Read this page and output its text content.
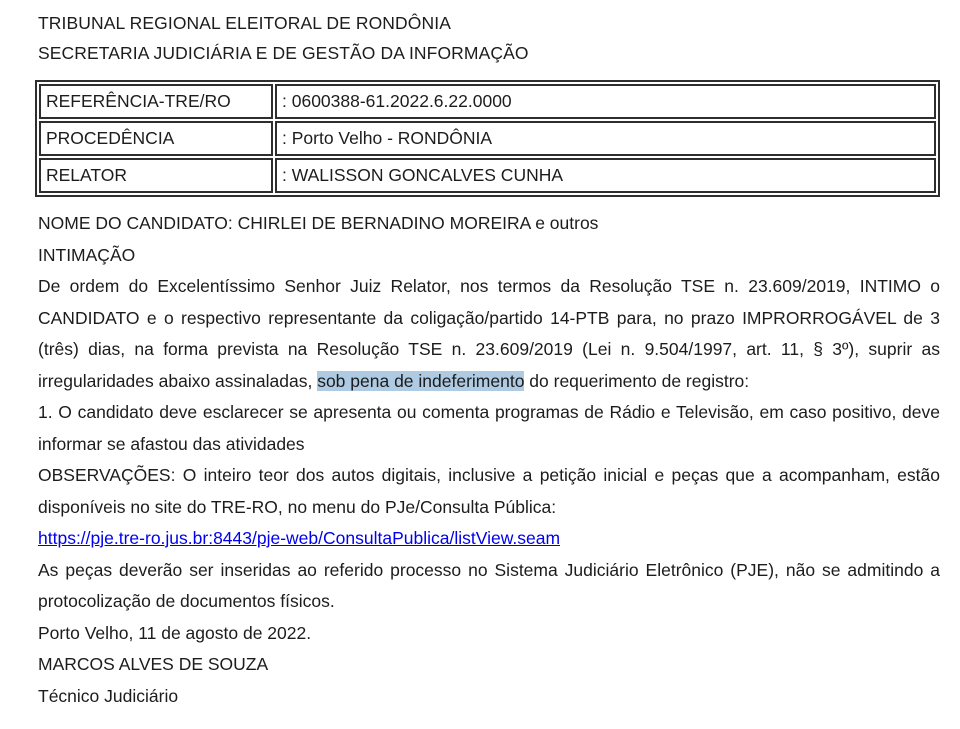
TRIBUNAL REGIONAL ELEITORAL DE RONDÔNIA
SECRETARIA JUDICIÁRIA E DE GESTÃO DA INFORMAÇÃO
REFERÊNCIA-TRE/RO	: 0600388-61.2022.6.22.0000
PROCEDÊNCIA	: Porto Velho - RONDÔNIA
RELATOR	: WALISSON GONCALVES CUNHA
NOME DO CANDIDATO: CHIRLEI DE BERNADINO MOREIRA e outros
INTIMAÇÃO

De ordem do Excelentíssimo Senhor Juiz Relator, nos termos da Resolução TSE n. 23.609/2019, INTIMO o CANDIDATO e o respectivo representante da coligação/partido 14-PTB para, no prazo IMPRORROGÁVEL de 3 (três) dias, na forma prevista na Resolução TSE n. 23.609/2019 (Lei n. 9.504/1997, art. 11, § 3º), suprir as irregularidades abaixo assinaladas, sob pena de indeferimento do requerimento de registro:

1. O candidato deve esclarecer se apresenta ou comenta programas de Rádio e Televisão, em caso positivo, deve informar se afastou das atividades

OBSERVAÇÕES: O inteiro teor dos autos digitais, inclusive a petição inicial e peças que a acompanham, estão disponíveis no site do TRE-RO, no menu do PJe/Consulta Pública:

https://pje.tre-ro.jus.br:8443/pje-web/ConsultaPublica/listView.seam

As peças deverão ser inseridas ao referido processo no Sistema Judiciário Eletrônico (PJE), não se admitindo a protocolização de documentos físicos.

Porto Velho, 11 de agosto de 2022.
MARCOS ALVES DE SOUZA
Técnico Judiciário
